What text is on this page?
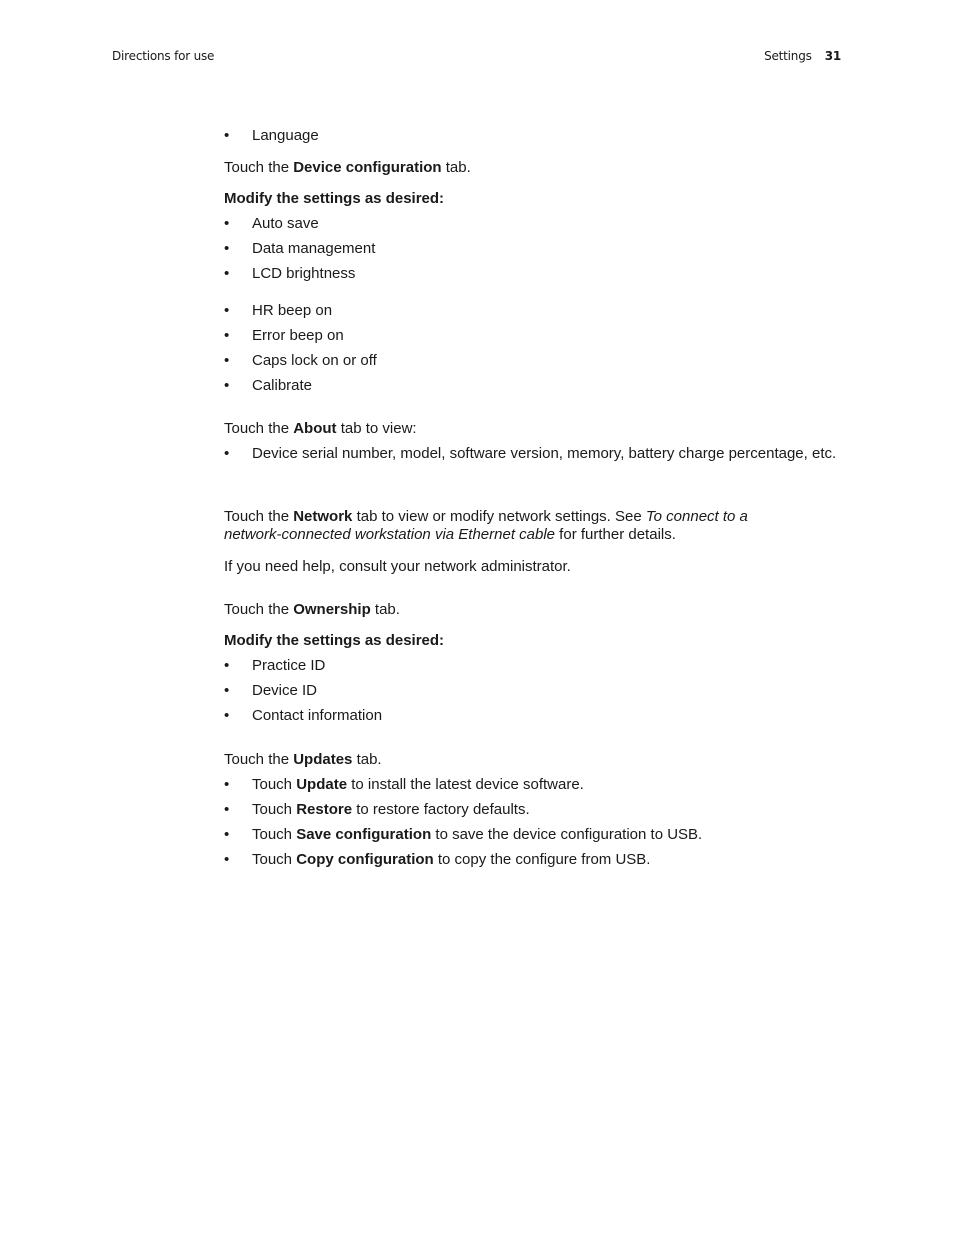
Directions for use	Settings 31
• Language
Touch the Device configuration tab.
Modify the settings as desired:
• Auto save
• Data management
• LCD brightness
• HR beep on
• Error beep on
• Caps lock on or off
• Calibrate
Touch the About tab to view:
• Device serial number, model, software version, memory, battery charge percentage, etc.
Touch the Network tab to view or modify network settings. See To connect to a
network-connected workstation via Ethernet cable for further details.
If you need help, consult your network administrator.
Touch the Ownership tab.
Modify the settings as desired:
• Practice ID
• Device ID
• Contact information
Touch the Updates tab.
• Touch Update to install the latest device software.
• Touch Restore to restore factory defaults.
• Touch Save configuration to save the device configuration to USB.
• Touch Copy configuration to copy the configure from USB.
